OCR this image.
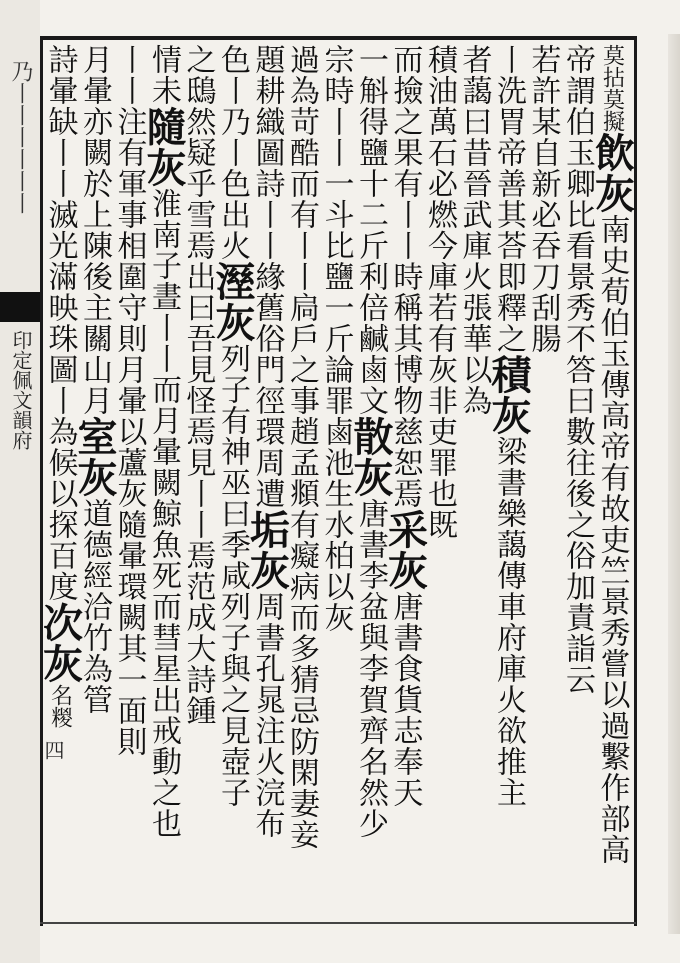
乃丨丨丨丨丨丨
印定佩文韻府
四
莫拈莫擬飲灰南史荀伯玉傳高帝有故吏竺景秀嘗以過繫作部高
帝謂伯玉卿比看景秀不答曰數往後之俗加責詣云
若許某自新必吞刀刮腸
丨洗胃帝善其荅即釋之積灰梁書樂藹傳車府庫火欲推主
者藹曰昔晉武庫火張華以為
積油萬石必燃今庫若有灰非吏罪也既
而撿之果有丨丨時稱其博物慈恕焉采灰唐書食貨志奉天
一斛得鹽十二斤利倍鹹鹵文散灰唐書李盆與李賀齊名然少
宗時丨丨一斗比鹽一斤論罪鹵池生水柏以灰
過為苛酷而有丨丨扃戶之事趙孟頫有癡病而多猜忌防閑妻妾
題耕織圖詩丨丨緣舊俗門徑環周遭垢灰周書孔晁注火浣布
色丨乃丨色出火溼灰列子有神巫曰季咸列子與之見壺子
之鴟然疑乎雪焉出曰吾見怪焉見丨丨焉范成大詩鍾
情未隨灰淮南子晝丨丨而月暈闕鯨魚死而彗星出戒動之也
丨丨注有軍事相圍守則月暈以蘆灰隨暈環闕其一面則
月暈亦闕於上陳後主關山月室灰道德經洽竹為管
詩暈缺丨丨滅光滿映珠圖丨為候以探百度次灰名糉
